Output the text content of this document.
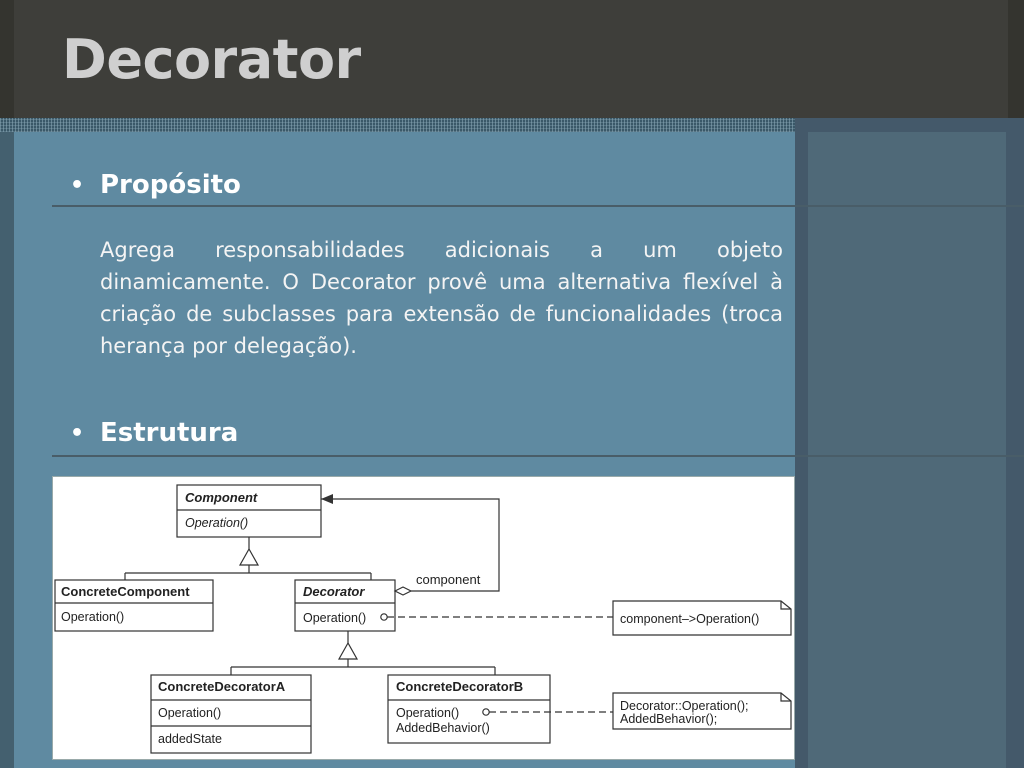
Decorator
• Propósito
Agrega responsabilidades adicionais a um objeto dinamicamente. O Decorator provê uma alternativa flexível à criação de subclasses para extensão de funcionalidades (troca herança por delegação).
• Estrutura
Component
Operation()
ConcreteComponent
Operation()
Decorator
Operation()
component
component–>Operation()
ConcreteDecoratorA
Operation()
addedState
ConcreteDecoratorB
Operation()
AddedBehavior()
Decorator::Operation();
AddedBehavior();
